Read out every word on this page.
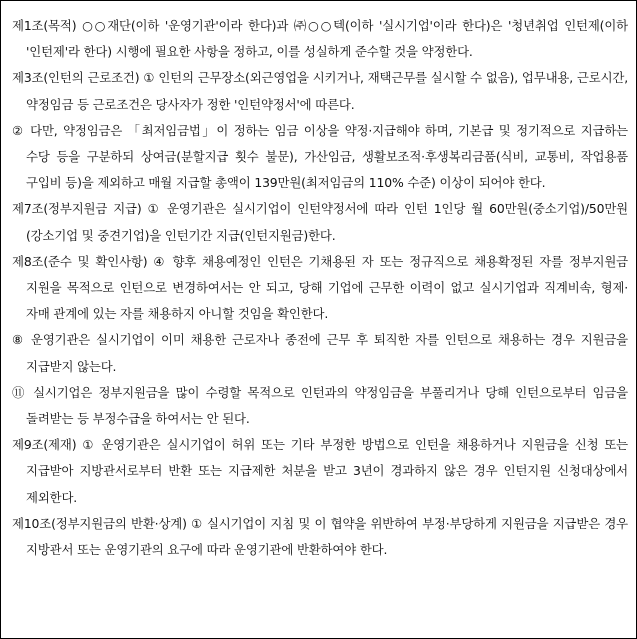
제1조(목적) ○○재단(이하 '운영기관'이라 한다)과 ㈜○○텍(이하 '실시기업'이라 한다)은 '청년취업 인턴제(이하 '인턴제'라 한다) 시행에 필요한 사항을 정하고, 이를 성실하게 준수할 것을 약정한다.

제3조(인턴의 근로조건) ① 인턴의 근무장소(외근영업을 시키거나, 재택근무를 실시할 수 없음), 업무내용, 근로시간, 약정임금 등 근로조건은 당사자가 정한 '인턴약정서'에 따른다.

② 다만, 약정임금은 「최저임금법」이 정하는 임금 이상을 약정·지급해야 하며, 기본급 및 정기적으로 지급하는 수당 등을 구분하되 상여금(분할지급 횟수 불문), 가산임금, 생활보조적·후생복리금품(식비, 교통비, 작업용품 구입비 등)을 제외하고 매월 지급할 총액이 139만원(최저임금의 110% 수준) 이상이 되어야 한다.

제7조(정부지원금 지급) ① 운영기관은 실시기업이 인턴약정서에 따라 인턴 1인당 월 60만원(중소기업)/50만원(강소기업 및 중견기업)을 인턴기간 지급(인턴지원금)한다.

제8조(준수 및 확인사항) ④ 향후 채용예정인 인턴은 기채용된 자 또는 정규직으로 채용확정된 자를 정부지원금 지원을 목적으로 인턴으로 변경하여서는 안 되고, 당해 기업에 근무한 이력이 없고 실시기업과 직계비속, 형제·자매 관계에 있는 자를 채용하지 아니할 것임을 확인한다.

⑧ 운영기관은 실시기업이 이미 채용한 근로자나 종전에 근무 후 퇴직한 자를 인턴으로 채용하는 경우 지원금을 지급받지 않는다.

⑪ 실시기업은 정부지원금을 많이 수령할 목적으로 인턴과의 약정임금을 부풀리거나 당해 인턴으로부터 임금을 돌려받는 등 부정수급을 하여서는 안 된다.

제9조(제재) ① 운영기관은 실시기업이 허위 또는 기타 부정한 방법으로 인턴을 채용하거나 지원금을 신청 또는 지급받아 지방관서로부터 반환 또는 지급제한 처분을 받고 3년이 경과하지 않은 경우 인턴지원 신청대상에서 제외한다.

제10조(정부지원금의 반환·상계) ① 실시기업이 지침 및 이 협약을 위반하여 부정·부당하게 지원금을 지급받은 경우 지방관서 또는 운영기관의 요구에 따라 운영기관에 반환하여야 한다.
